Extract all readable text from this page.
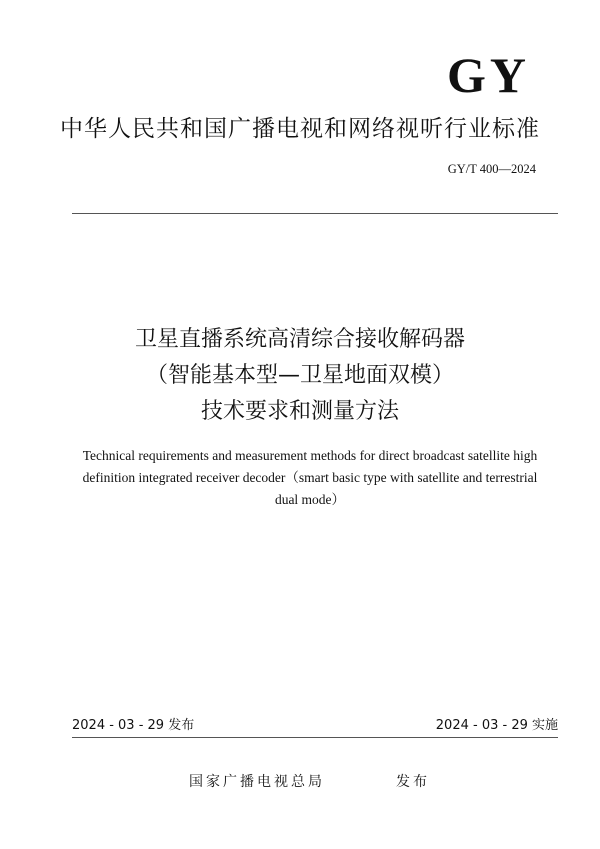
GY
中华人民共和国广播电视和网络视听行业标准
GY/T 400—2024
卫星直播系统高清综合接收解码器
（智能基本型—卫星地面双模）
技术要求和测量方法
Technical requirements and measurement methods for direct broadcast satellite high
definition integrated receiver decoder（smart basic type with satellite and terrestrial
dual mode）
2024 - 03 - 29 发布	2024 - 03 - 29 实施
国家广播电视总局	发布
